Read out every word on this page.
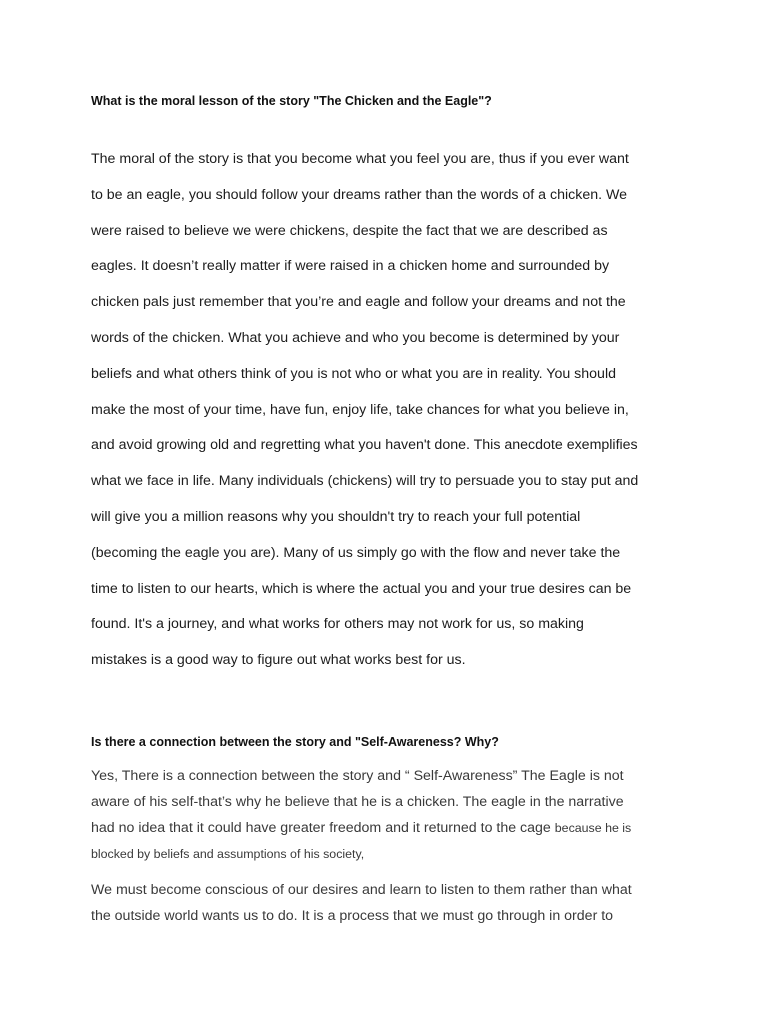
What is the moral lesson of the story "The Chicken and the Eagle"?

The moral of the story is that you become what you feel you are, thus if you ever want
to be an eagle, you should follow your dreams rather than the words of a chicken. We
were raised to believe we were chickens, despite the fact that we are described as
eagles. It doesn’t really matter if were raised in a chicken home and surrounded by
chicken pals just remember that you’re and eagle and follow your dreams and not the
words of the chicken. What you achieve and who you become is determined by your
beliefs and what others think of you is not who or what you are in reality. You should
make the most of your time, have fun, enjoy life, take chances for what you believe in,
and avoid growing old and regretting what you haven't done. This anecdote exemplifies
what we face in life. Many individuals (chickens) will try to persuade you to stay put and
will give you a million reasons why you shouldn't try to reach your full potential
(becoming the eagle you are). Many of us simply go with the flow and never take the
time to listen to our hearts, which is where the actual you and your true desires can be
found. It's a journey, and what works for others may not work for us, so making
mistakes is a good way to figure out what works best for us.

Is there a connection between the story and "Self-Awareness? Why?

Yes, There is a connection between the story and “ Self-Awareness” The Eagle is not
aware of his self-that’s why he believe that he is a chicken. The eagle in the narrative
had no idea that it could have greater freedom and it returned to the cage because he is
blocked by beliefs and assumptions of his society,
We must become conscious of our desires and learn to listen to them rather than what
the outside world wants us to do. It is a process that we must go through in order to
